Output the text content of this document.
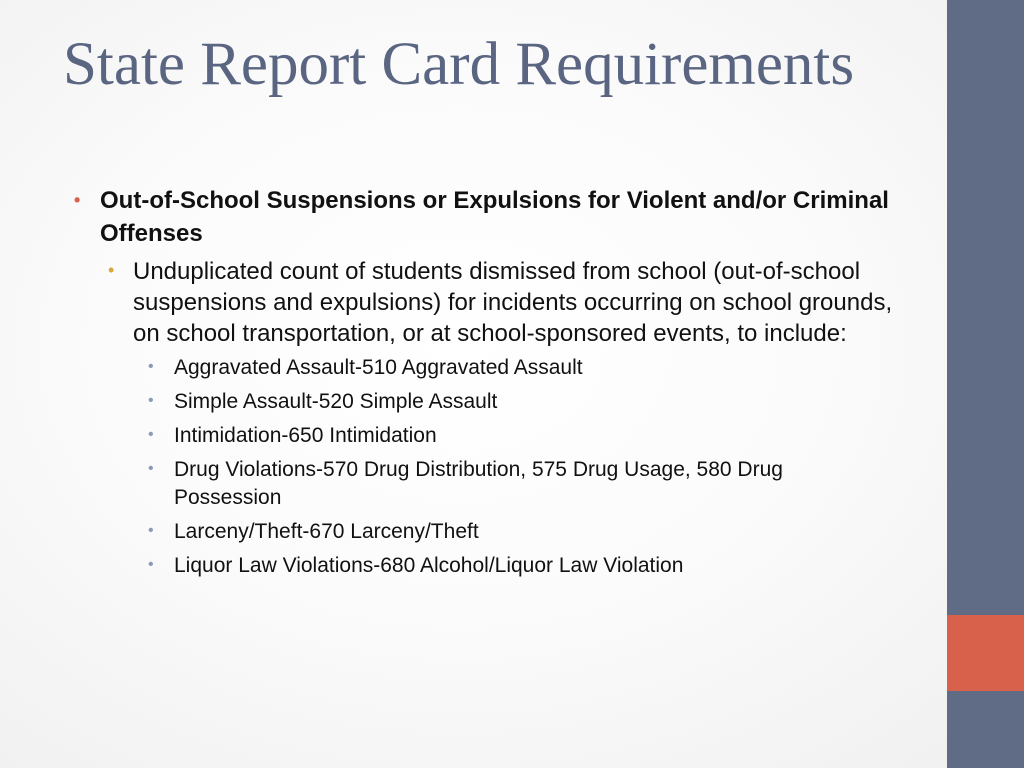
State Report Card Requirements
• Out-of-School Suspensions or Expulsions for Violent and/or Criminal Offenses
• Unduplicated count of students dismissed from school (out-of-school suspensions and expulsions) for incidents occurring on school grounds, on school transportation, or at school-sponsored events, to include:
• Aggravated Assault-510 Aggravated Assault
• Simple Assault-520 Simple Assault
• Intimidation-650 Intimidation
• Drug Violations-570 Drug Distribution, 575 Drug Usage, 580 Drug Possession
• Larceny/Theft-670 Larceny/Theft
• Liquor Law Violations-680 Alcohol/Liquor Law Violation
